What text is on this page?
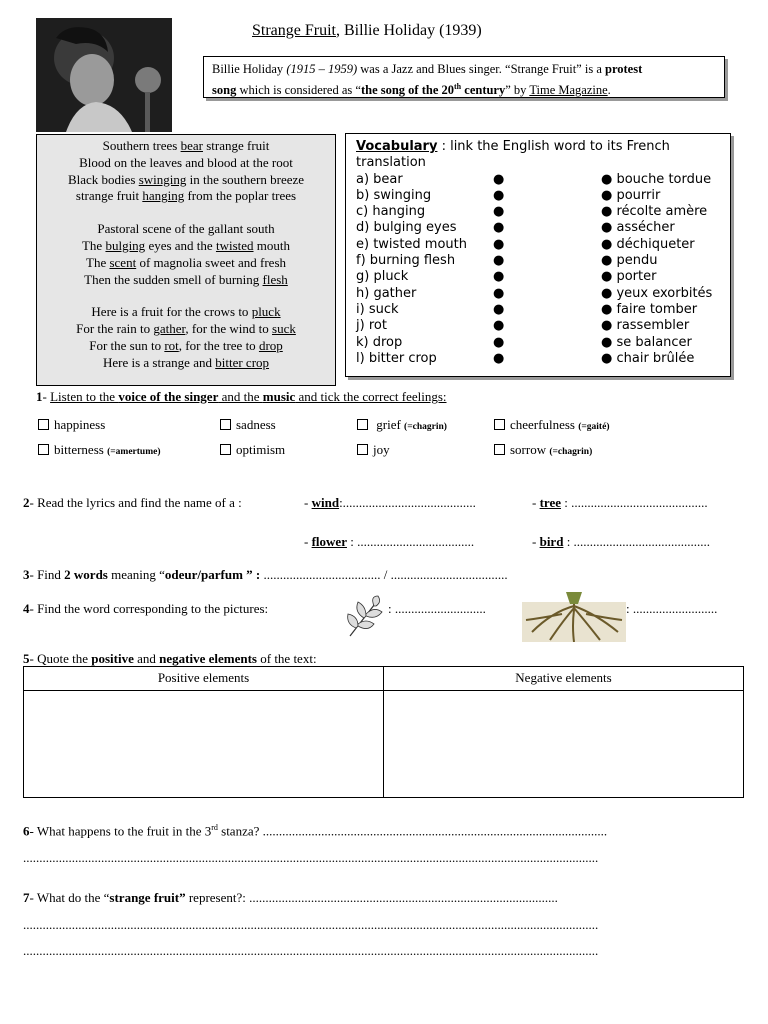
Strange Fruit, Billie Holiday (1939)
Billie Holiday (1915 – 1959) was a Jazz and Blues singer. “Strange Fruit” is a protest
song which is considered as “the song of the 20th century” by Time Magazine.
Southern trees bear strange fruit
Blood on the leaves and blood at the root
Black bodies swinging in the southern breeze
strange fruit hanging from the poplar trees
Pastoral scene of the gallant south
The bulging eyes and the twisted mouth
The scent of magnolia sweet and fresh
Then the sudden smell of burning flesh
Here is a fruit for the crows to pluck
For the rain to gather, for the wind to suck
For the sun to rot, for the tree to drop
Here is a strange and bitter crop
Vocabulary : link the English word to its French translation
a) bear	●	● bouche tordue
b) swinging	●	● pourrir
c) hanging	●	● récolte amère
d) bulging eyes	●	● assécher
e) twisted mouth ●	● déchiqueter
f) burning flesh	●	● pendu
g) pluck	●	● porter
h) gather	●	● yeux exorbités
i) suck	●	● faire tomber
j) rot	●	● rassembler
k) drop	●	● se balancer
l) bitter crop	●	● chair brûlée
1- Listen to the voice of the singer and the music and tick the correct feelings:
happiness	sadness	grief (=chagrin)	cheerfulness (=gaité)
bitterness (=amertume)	optimism	joy	sorrow (=chagrin)
2- Read the lyrics and find the name of a :	- wind:.........................................	- tree : ..........................................
- flower : ....................................	- bird : ..........................................
3- Find 2 words meaning “odeur/parfum ” : .................................... / ....................................
4- Find the word corresponding to the pictures:	: ............................	: ..........................
5- Quote the positive and negative elements of the text:
Positive elements	Negative elements
6- What happens to the fruit in the 3rd stanza? ..........................................................................................................
.................................................................................................................................................................................
7- What do the “strange fruit” represent?: ...............................................................................................
.................................................................................................................................................................................
.................................................................................................................................................................................
